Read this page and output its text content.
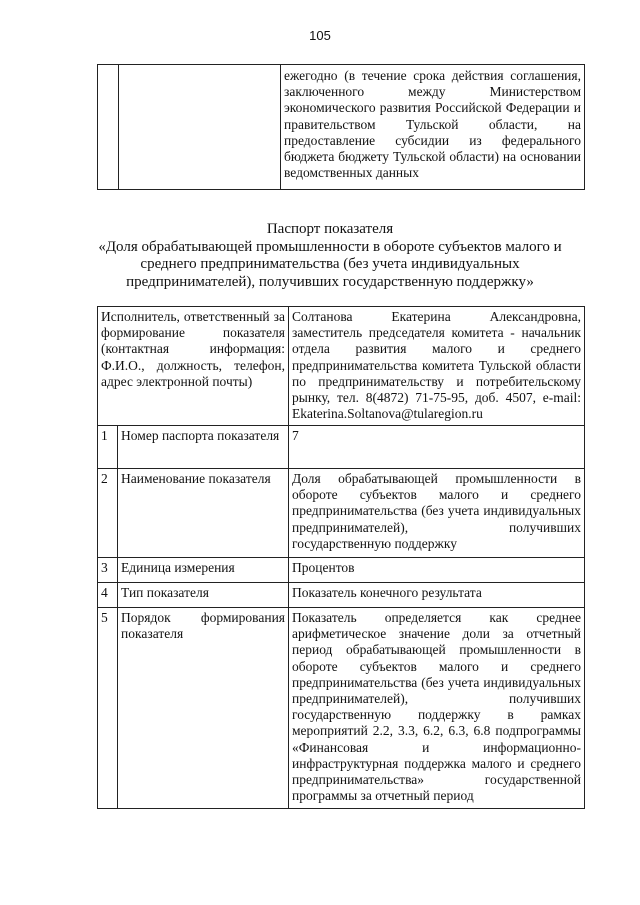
105
		ежегодно (в течение срока действия соглашения, заключенного между Министерством экономического развития Российской Федерации и правительством Тульской области, на предоставление субсидии из федерального бюджета бюджету Тульской области) на основании ведомственных данных
Паспорт показателя
«Доля обрабатывающей промышленности в обороте субъектов малого и
среднего предпринимательства (без учета индивидуальных
предпринимателей), получивших государственную поддержку»
Исполнитель, ответственный за формирование показателя (контактная информация: Ф.И.О., должность, телефон, адрес электронной почты)		Солтанова Екатерина Александровна, заместитель председателя комитета - начальник отдела развития малого и среднего предпринимательства комитета Тульской области по предпринимательству и потребительскому рынку, тел. 8(4872) 71-75-95, доб. 4507, e-mail: Ekaterina.Soltanova@tularegion.ru
1	Номер паспорта показателя	7
2	Наименование показателя	Доля обрабатывающей промышленности в обороте субъектов малого и среднего предпринимательства (без учета индивидуальных предпринимателей), получивших государственную поддержку
3	Единица измерения	Процентов
4	Тип показателя	Показатель конечного результата
5	Порядок формирования показателя	Показатель определяется как среднее арифметическое значение доли за отчетный период обрабатывающей промышленности в обороте субъектов малого и среднего предпринимательства (без учета индивидуальных предпринимателей), получивших государственную поддержку в рамках мероприятий 2.2, 3.3, 6.2, 6.3, 6.8 подпрограммы «Финансовая и информационно-инфраструктурная поддержка малого и среднего предпринимательства» государственной программы за отчетный период
